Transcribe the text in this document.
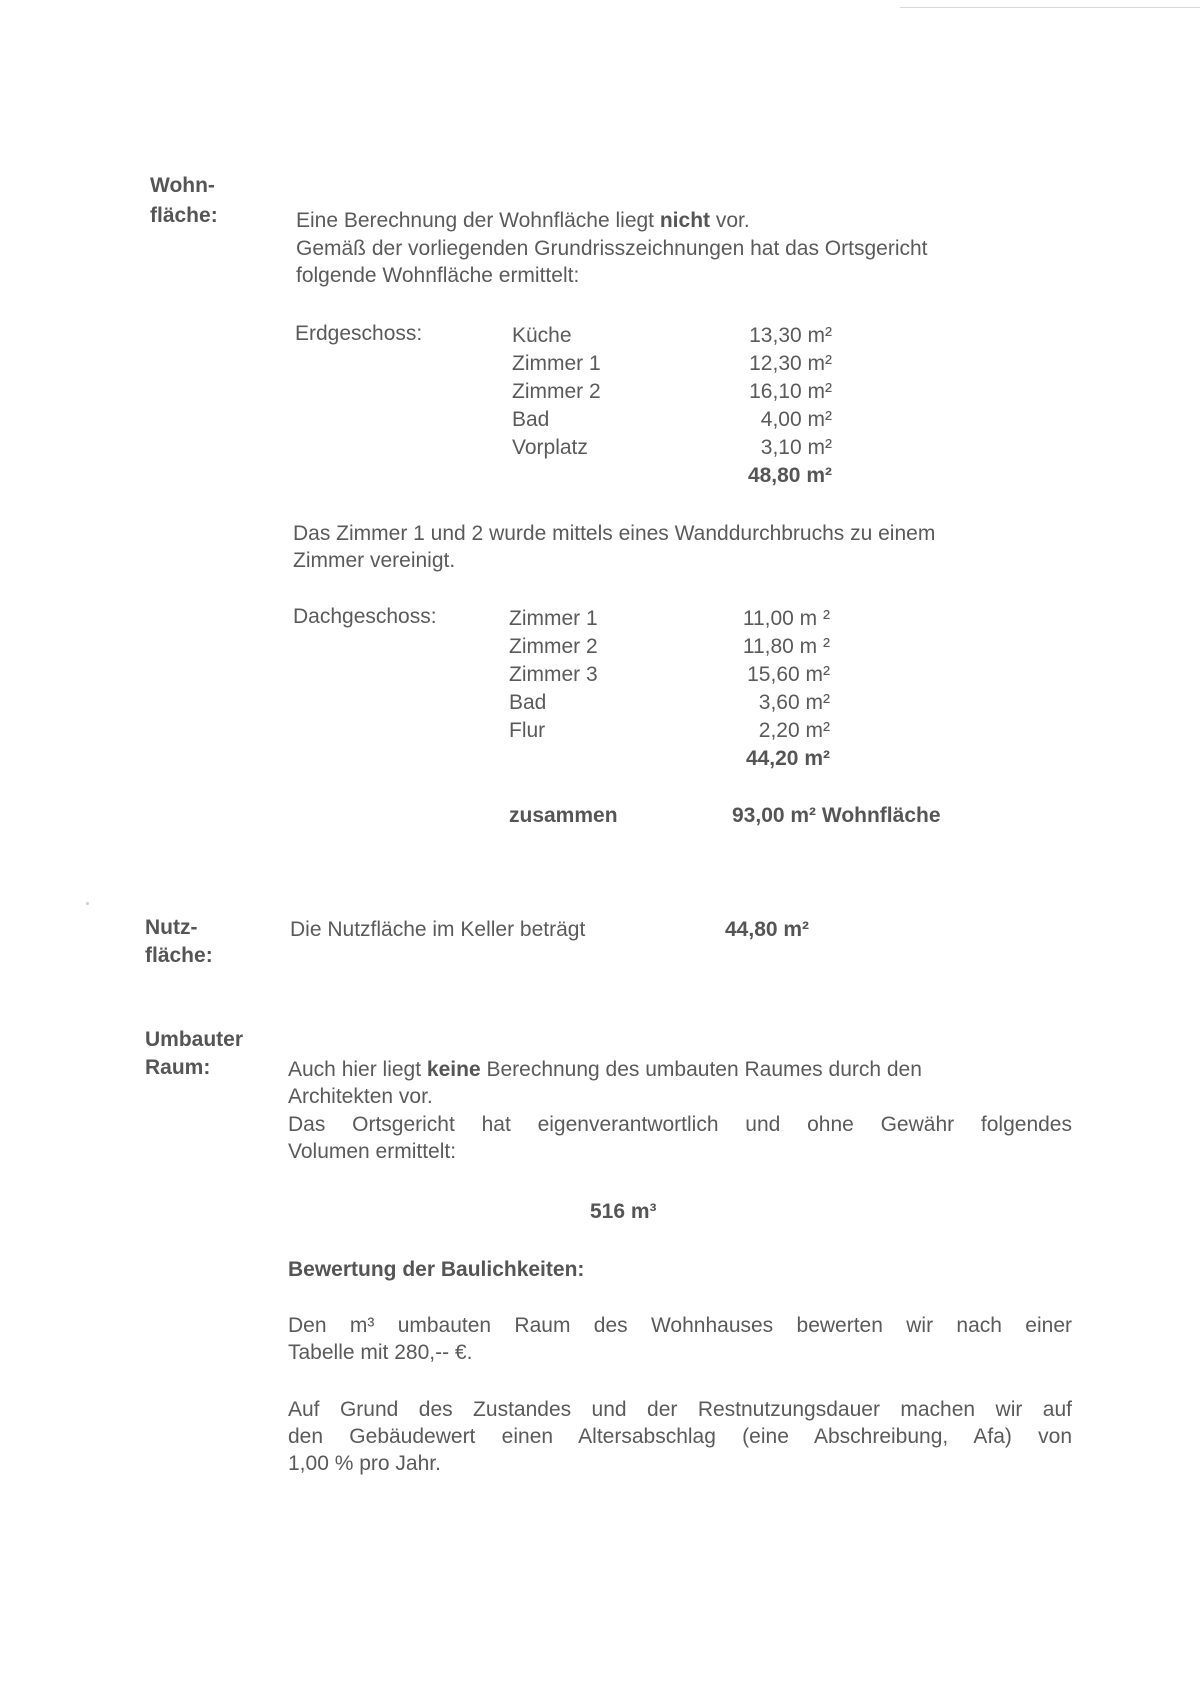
Wohn-
fläche:	Eine Berechnung der Wohnfläche liegt nicht vor.
Gemäß der vorliegenden Grundrisszeichnungen hat das Ortsgericht
folgende Wohnfläche ermittelt:
Erdgeschoss:	Küche	13,30 m²
Zimmer 1	12,30 m²
Zimmer 2	16,10 m²
Bad	4,00 m²
Vorplatz	3,10 m²
48,80 m²
Das Zimmer 1 und 2 wurde mittels eines Wanddurchbruchs zu einem
Zimmer vereinigt.
Dachgeschoss:	Zimmer 1	11,00 m ²
Zimmer 2	11,80 m ²
Zimmer 3	15,60 m²
Bad	3,60 m²
Flur	2,20 m²
44,20 m²
zusammen	93,00 m² Wohnfläche
Nutz-
fläche:
Die Nutzfläche im Keller beträgt	44,80 m²
Umbauter
Raum:	Auch hier liegt keine Berechnung des umbauten Raumes durch den
Architekten vor.
Das Ortsgericht hat eigenverantwortlich und ohne Gewähr folgendes
Volumen ermittelt:
516 m³
Bewertung der Baulichkeiten:
Den m³ umbauten Raum des Wohnhauses bewerten wir nach einer
Tabelle mit 280,-- €.
Auf Grund des Zustandes und der Restnutzungsdauer machen wir auf
den Gebäudewert einen Altersabschlag (eine Abschreibung, Afa) von
1,00 % pro Jahr.
